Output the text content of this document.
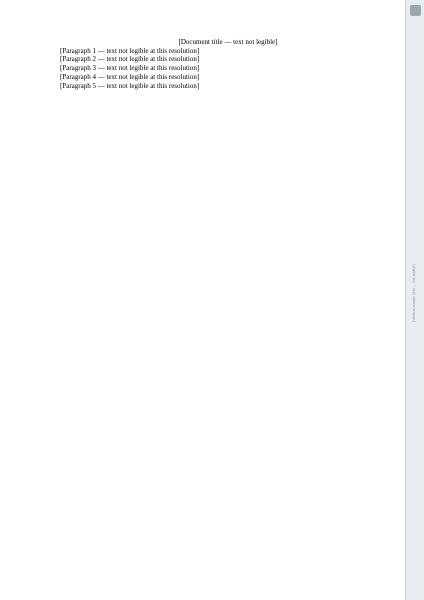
[Document title — text not legible]

[Paragraph 1 — text not legible at this resolution]

[Paragraph 2 — text not legible at this resolution]

[Paragraph 3 — text not legible at this resolution]

[Paragraph 4 — text not legible at this resolution]

[Paragraph 5 — text not legible at this resolution]

[Vertical margin text — not legible]
